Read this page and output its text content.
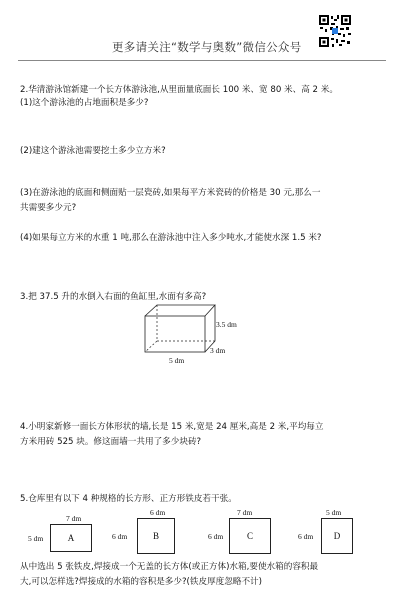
更多请关注“数学与奥数”微信公众号
2.华清游泳馆新建一个长方体游泳池,从里面量底面长 100 米、宽 80 米、高 2 米。
(1)这个游泳池的占地面积是多少?
(2)建这个游泳池需要挖土多少立方米?
(3)在游泳池的底面和侧面贴一层瓷砖,如果每平方米瓷砖的价格是 30 元,那么一
共需要多少元?
(4)如果每立方米的水重 1 吨,那么在游泳池中注入多少吨水,才能使水深 1.5 米?
3.把 37.5 升的水倒入右面的鱼缸里,水面有多高?
3.5 dm
3 dm
5 dm
4.小明家新修一面长方体形状的墙,长是 15 米,宽是 24 厘米,高是 2 米,平均每立
方米用砖 525 块。修这面墙一共用了多少块砖?
5.仓库里有以下 4 种规格的长方形、正方形铁皮若干张。
7 dm
5 dm	A
6 dm
6 dm	B
7 dm
6 dm	C
5 dm
6 dm	D
从中选出 5 张铁皮,焊接成一个无盖的长方体(或正方体)水箱,要使水箱的容积最
大,可以怎样选?焊接成的水箱的容积是多少?(铁皮厚度忽略不计)
